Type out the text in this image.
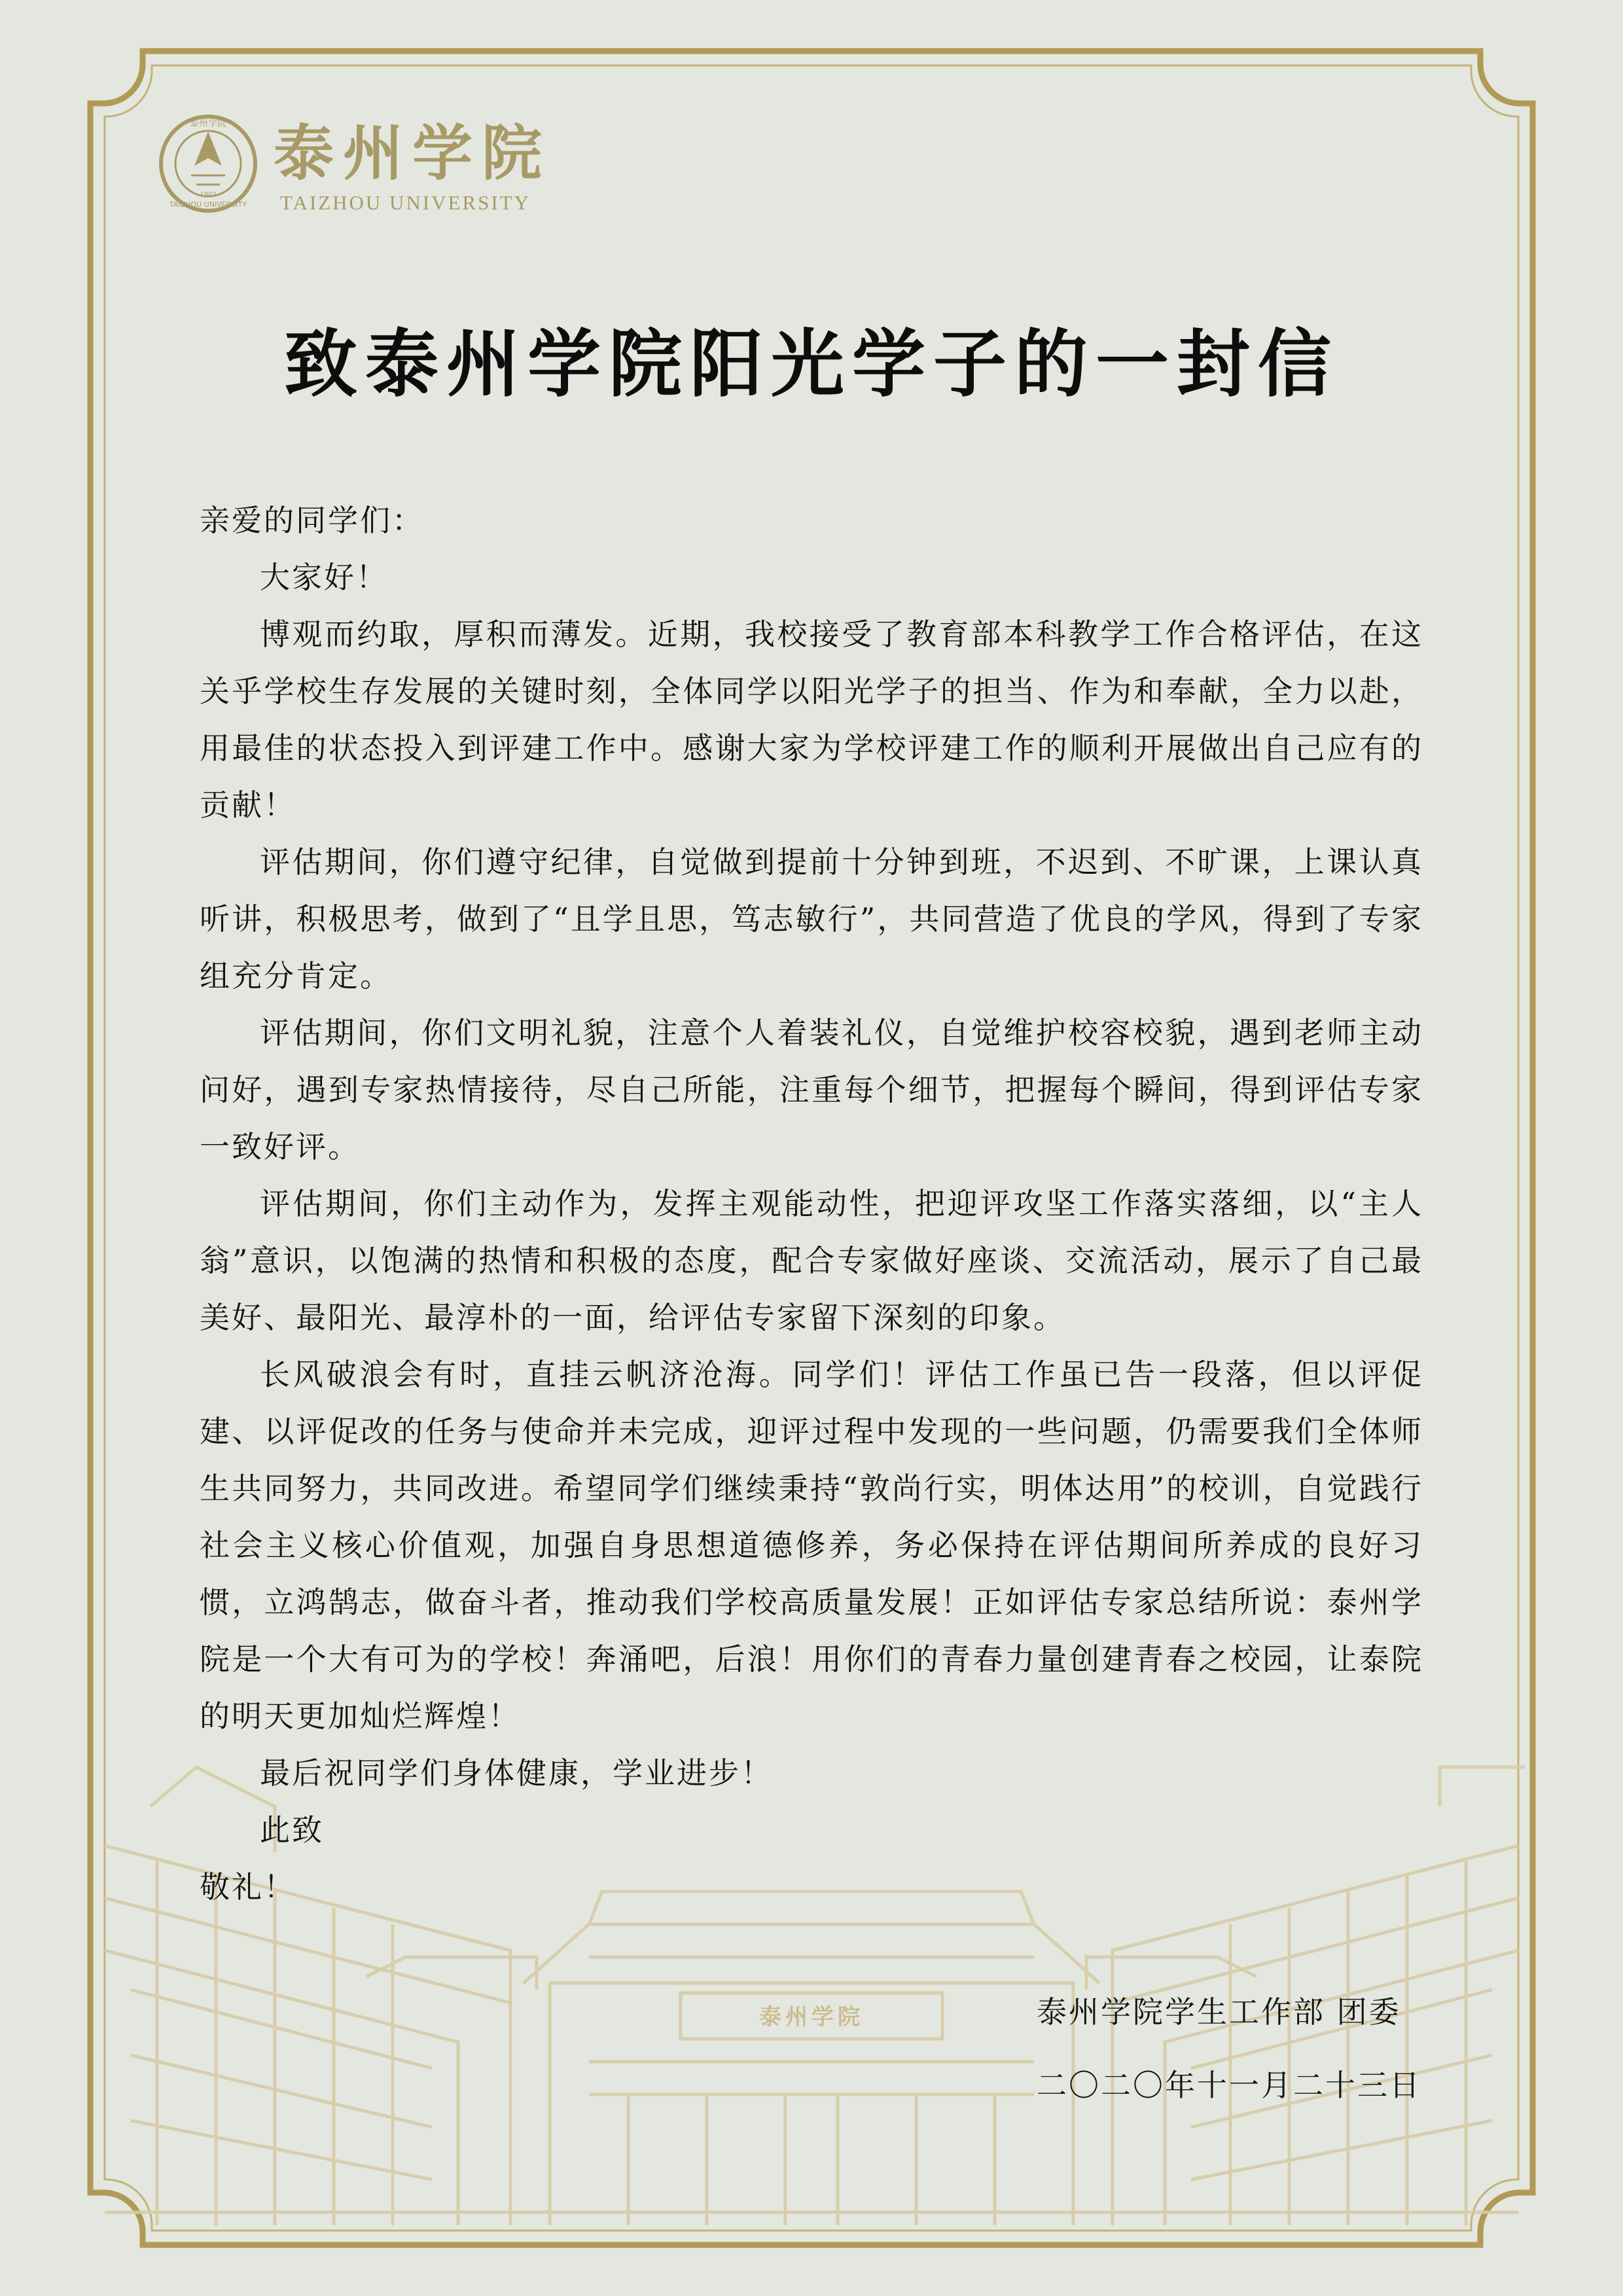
泰州学院
泰州学院
TAIZHOU UNIVERSITY
1902
泰州学院
TAIZHOU UNIVERSITY
致泰州学院阳光学子的一封信

亲爱的同学们：

大家好！

博观而约取，厚积而薄发。近期，我校接受了教育部本科教学工作合格评估，在这关乎学校生存发展的关键时刻，全体同学以阳光学子的担当、作为和奉献，全力以赴，用最佳的状态投入到评建工作中。感谢大家为学校评建工作的顺利开展做出自己应有的贡献！

评估期间，你们遵守纪律，自觉做到提前十分钟到班，不迟到、不旷课，上课认真听讲，积极思考，做到了“且学且思，笃志敏行”，共同营造了优良的学风，得到了专家组充分肯定。

评估期间，你们文明礼貌，注意个人着装礼仪，自觉维护校容校貌，遇到老师主动问好，遇到专家热情接待，尽自己所能，注重每个细节，把握每个瞬间，得到评估专家一致好评。

评估期间，你们主动作为，发挥主观能动性，把迎评攻坚工作落实落细，以“主人翁”意识，以饱满的热情和积极的态度，配合专家做好座谈、交流活动，展示了自己最美好、最阳光、最淳朴的一面，给评估专家留下深刻的印象。

长风破浪会有时，直挂云帆济沧海。同学们！评估工作虽已告一段落，但以评促建、以评促改的任务与使命并未完成，迎评过程中发现的一些问题，仍需要我们全体师生共同努力，共同改进。希望同学们继续秉持“敦尚行实，明体达用”的校训，自觉践行社会主义核心价值观，加强自身思想道德修养，务必保持在评估期间所养成的良好习惯，立鸿鹄志，做奋斗者，推动我们学校高质量发展！正如评估专家总结所说：泰州学院是一个大有可为的学校！奔涌吧，后浪！用你们的青春力量创建青春之校园，让泰院的明天更加灿烂辉煌！

最后祝同学们身体健康，学业进步！

此致

敬礼！

泰州学院学生工作部 团委
二〇二〇年十一月二十三日
